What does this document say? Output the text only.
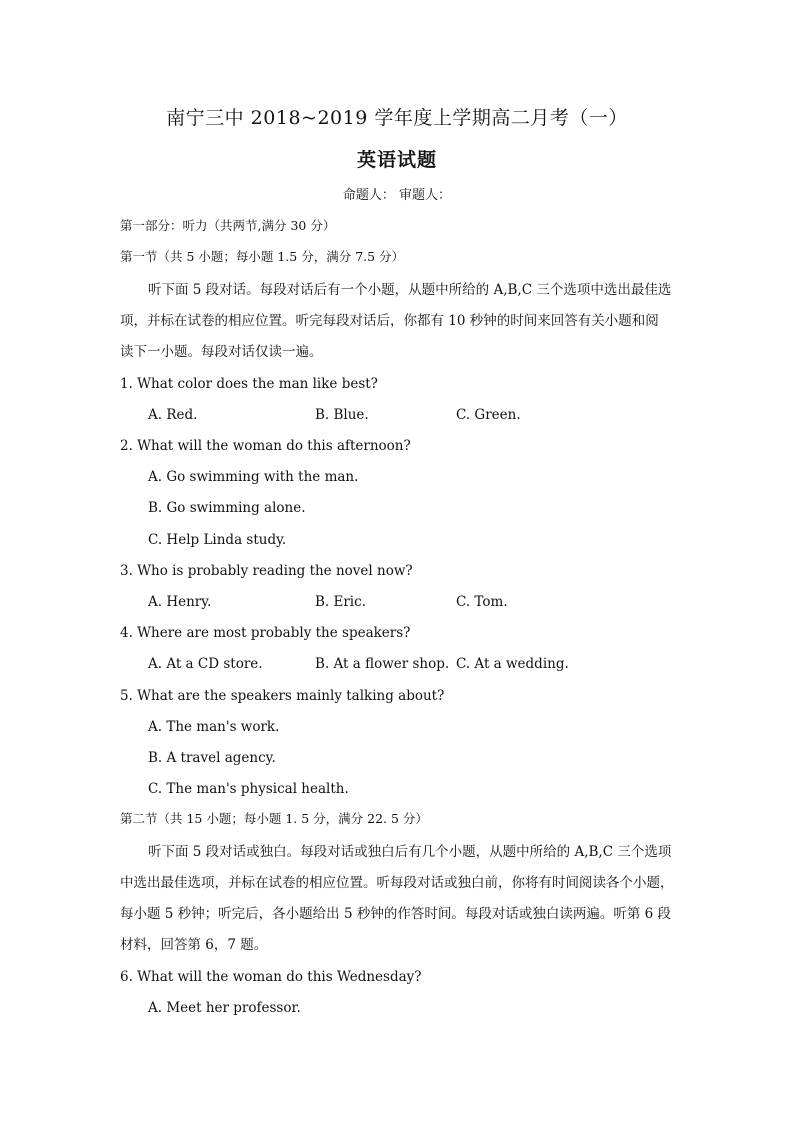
南宁三中 2018~2019 学年度上学期高二月考（一）
英语试题
命题人： 审题人：
第一部分：听力（共两节,满分 30 分）
第一节（共 5 小题；每小题 1.5 分，满分 7.5 分）
听下面 5 段对话。每段对话后有一个小题，从题中所给的 A,B,C 三个选项中选出最佳选
项，并标在试卷的相应位置。听完每段对话后，你都有 10 秒钟的时间来回答有关小题和阅
读下一小题。每段对话仅读一遍。
1. What color does the man like best?
A. Red.	B. Blue.	C. Green.
2. What will the woman do this afternoon?
A. Go swimming with the man.
B. Go swimming alone.
C. Help Linda study.
3. Who is probably reading the novel now?
A. Henry.	B. Eric.	C. Tom.
4. Where are most probably the speakers?
A. At a CD store.	B. At a flower shop. C. At a wedding.
5. What are the speakers mainly talking about?
A. The man's work.
B. A travel agency.
C. The man's physical health.
第二节（共 15 小题；每小题 1. 5 分，满分 22. 5 分）
听下面 5 段对话或独白。每段对话或独白后有几个小题，从题中所给的 A,B,C 三个选项
中选出最佳选项，并标在试卷的相应位置。听每段对话或独白前，你将有时间阅读各个小题，
每小题 5 秒钟；听完后，各小题给出 5 秒钟的作答时间。每段对话或独白读两遍。听第 6 段
材料，回答第 6，7 题。
6. What will the woman do this Wednesday?
A. Meet her professor.
